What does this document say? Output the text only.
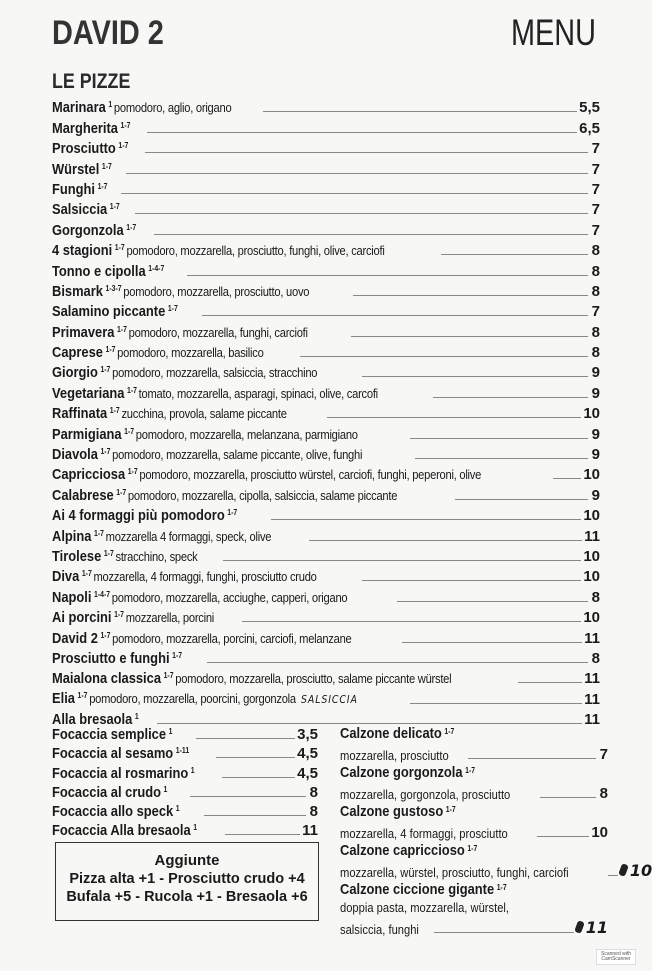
DAVID 2	MENU
LE PIZZE
Marinara $^1$ pomodoro, aglio, origano	5,5
Margherita $^{1-7}$	6,5
Prosciutto $^{1-7}$	7
Würstel $^{1-7}$	7
Funghi $^{1-7}$	7
Salsiccia $^{1-7}$	7
Gorgonzola $^{1-7}$	7
4 stagioni $^{1-7}$ pomodoro, mozzarella, prosciutto, funghi, olive, carciofi	8
Tonno e cipolla $^{1-4-7}$	8
Bismark $^{1-3-7}$ pomodoro, mozzarella, prosciutto, uovo	8
Salamino piccante $^{1-7}$	7
Primavera $^{1-7}$ pomodoro, mozzarella, funghi, carciofi	8
Caprese $^{1-7}$ pomodoro, mozzarella, basilico	8
Giorgio $^{1-7}$ pomodoro, mozzarella, salsiccia, stracchino	9
Vegetariana $^{1-7}$ tomato, mozzarella, asparagi, spinaci, olive, carcofi	9
Raffinata $^{1-7}$ zucchina, provola, salame piccante	10
Parmigiana $^{1-7}$ pomodoro, mozzarella, melanzana, parmigiano	9
Diavola $^{1-7}$ pomodoro, mozzarella, salame piccante, olive, funghi	9
Capricciosa $^{1-7}$ pomodoro, mozzarella, prosciutto würstel, carciofi, funghi, peperoni, olive	10
Calabrese $^{1-7}$ pomodoro, mozzarella, cipolla, salsiccia, salame piccante	9
Ai 4 formaggi più pomodoro $^{1-7}$	10
Alpina $^{1-7}$ mozzarella 4 formaggi, speck, olive	11
Tirolese $^{1-7}$ stracchino, speck	10
Diva $^{1-7}$ mozzarella, 4 formaggi, funghi, prosciutto crudo	10
Napoli $^{1-4-7}$ pomodoro, mozzarella, acciughe, capperi, origano	8
Ai porcini $^{1-7}$ mozzarella, porcini	10
David 2 $^{1-7}$ pomodoro, mozzarella, porcini, carciofi, melanzane	11
Prosciutto e funghi $^{1-7}$	8
Maialona classica $^{1-7}$ pomodoro, mozzarella, prosciutto, salame piccante würstel	11
Elia $^{1-7}$ pomodoro, mozzarella, poorcini, gorgonzola SALSICCIA	11
Alla bresaola $^1$	11
Focaccia semplice $^1$	3,5
Focaccia al sesamo $^{1-11}$	4,5
Focaccia al rosmarino $^1$	4,5
Focaccia al crudo $^1$	8
Focaccia allo speck $^1$	8
Focaccia Alla bresaola $^1$	11
Calzone delicato $^{1-7}$
mozzarella, prosciutto	7
Calzone gorgonzola $^{1-7}$
mozzarella, gorgonzola, prosciutto	8
Calzone gustoso $^{1-7}$
mozzarella, 4 formaggi, prosciutto	10
Calzone capriccioso $^{1-7}$
mozzarella, würstel, prosciutto, funghi, carciofi	10
Calzone ciccione gigante $^{1-7}$
doppia pasta, mozzarella, würstel,
salsiccia, funghi	11
Aggiunte
Pizza alta +1 - Prosciutto crudo +4
Bufala +5 - Rucola +1 - Bresaola +6
Scanned with
CamScanner
